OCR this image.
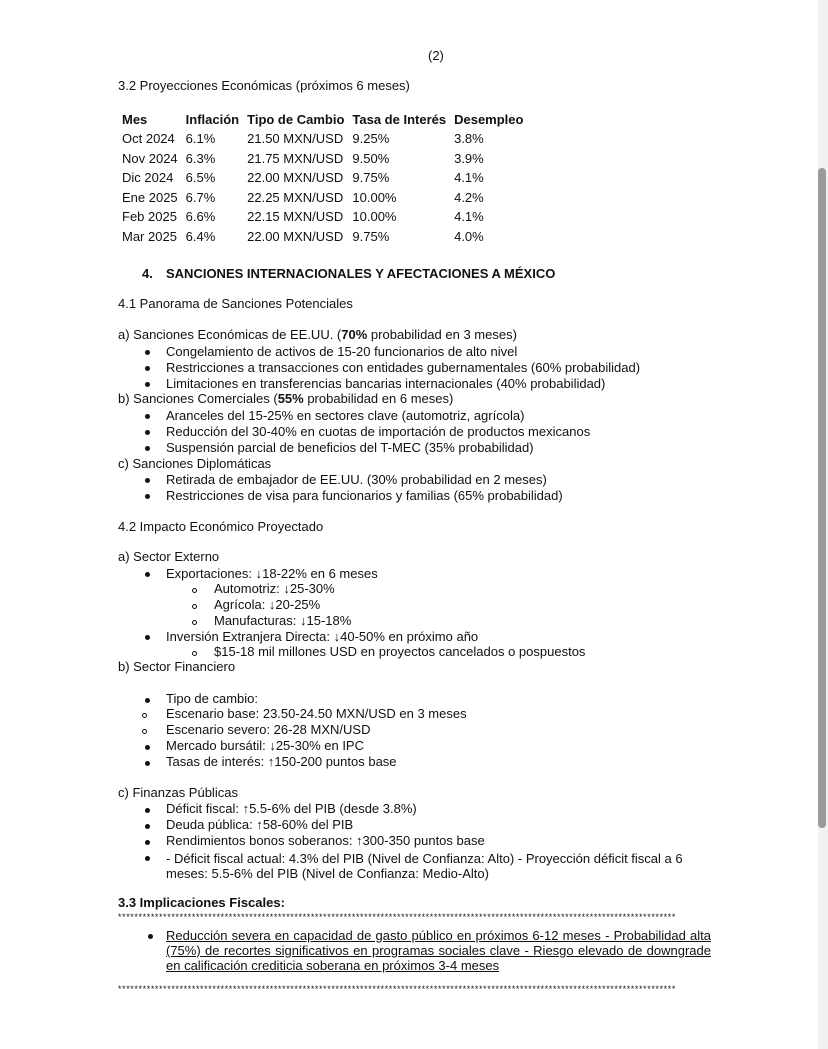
(2)
3.2 Proyecciones Económicas (próximos 6 meses)
Mes	Inflación	Tipo de Cambio	Tasa de Interés	Desempleo
Oct 2024	6.1%	21.50 MXN/USD	9.25%	3.8%
Nov 2024	6.3%	21.75 MXN/USD	9.50%	3.9%
Dic 2024	6.5%	22.00 MXN/USD	9.75%	4.1%
Ene 2025	6.7%	22.25 MXN/USD	10.00%	4.2%
Feb 2025	6.6%	22.15 MXN/USD	10.00%	4.1%
Mar 2025	6.4%	22.00 MXN/USD	9.75%	4.0%
4. SANCIONES INTERNACIONALES Y AFECTACIONES A MÉXICO
4.1 Panorama de Sanciones Potenciales
a) Sanciones Económicas de EE.UU. (70% probabilidad en 3 meses)
Congelamiento de activos de 15-20 funcionarios de alto nivel
Restricciones a transacciones con entidades gubernamentales (60% probabilidad)
Limitaciones en transferencias bancarias internacionales (40% probabilidad)
b) Sanciones Comerciales (55% probabilidad en 6 meses)
Aranceles del 15-25% en sectores clave (automotriz, agrícola)
Reducción del 30-40% en cuotas de importación de productos mexicanos
Suspensión parcial de beneficios del T-MEC (35% probabilidad)
c) Sanciones Diplomáticas
Retirada de embajador de EE.UU. (30% probabilidad en 2 meses)
Restricciones de visa para funcionarios y familias (65% probabilidad)
4.2 Impacto Económico Proyectado
a) Sector Externo
Exportaciones: ↓18-22% en 6 meses
Automotriz: ↓25-30%
Agrícola: ↓20-25%
Manufacturas: ↓15-18%
Inversión Extranjera Directa: ↓40-50% en próximo año
$15-18 mil millones USD en proyectos cancelados o pospuestos
b) Sector Financiero
Tipo de cambio:
Escenario base: 23.50-24.50 MXN/USD en 3 meses
Escenario severo: 26-28 MXN/USD
Mercado bursátil: ↓25-30% en IPC
Tasas de interés: ↑150-200 puntos base
c) Finanzas Públicas
Déficit fiscal: ↑5.5-6% del PIB (desde 3.8%)
Deuda pública: ↑58-60% del PIB
Rendimientos bonos soberanos: ↑300-350 puntos base
- Déficit fiscal actual: 4.3% del PIB (Nivel de Confianza: Alto) - Proyección déficit fiscal a 6 meses: 5.5-6% del PIB (Nivel de Confianza: Medio-Alto)
3.3 Implicaciones Fiscales:
****************************************************************************************************************************************
Reducción severa en capacidad de gasto público en próximos 6-12 meses - Probabilidad alta (75%) de recortes significativos en programas sociales clave - Riesgo elevado de downgrade en calificación crediticia soberana en próximos 3-4 meses
****************************************************************************************************************************************
